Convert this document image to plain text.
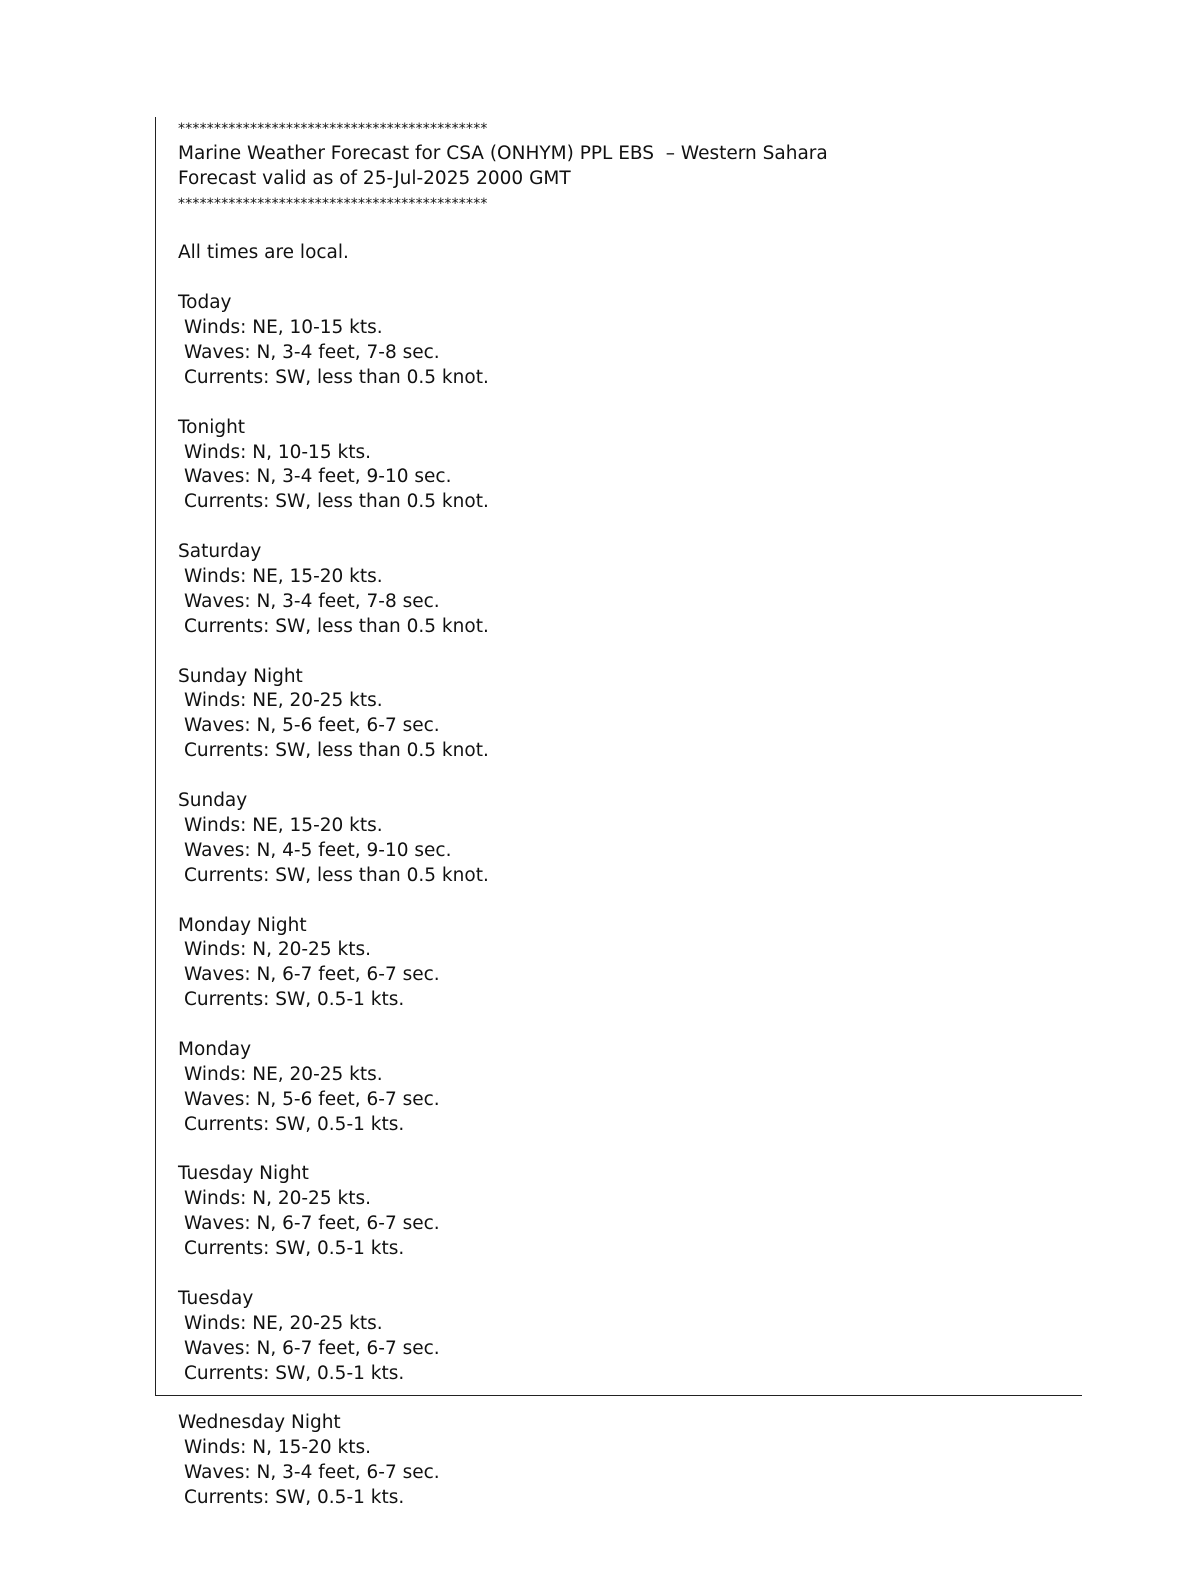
*******************************************
Marine Weather Forecast for CSA (ONHYM) PPL EBS  – Western Sahara
Forecast valid as of 25-Jul-2025 2000 GMT
*******************************************
All times are local.
Today
Winds: NE, 10-15 kts.
Waves: N, 3-4 feet, 7-8 sec.
Currents: SW, less than 0.5 knot.
Tonight
Winds: N, 10-15 kts.
Waves: N, 3-4 feet, 9-10 sec.
Currents: SW, less than 0.5 knot.
Saturday
Winds: NE, 15-20 kts.
Waves: N, 3-4 feet, 7-8 sec.
Currents: SW, less than 0.5 knot.
Sunday Night
Winds: NE, 20-25 kts.
Waves: N, 5-6 feet, 6-7 sec.
Currents: SW, less than 0.5 knot.
Sunday
Winds: NE, 15-20 kts.
Waves: N, 4-5 feet, 9-10 sec.
Currents: SW, less than 0.5 knot.
Monday Night
Winds: N, 20-25 kts.
Waves: N, 6-7 feet, 6-7 sec.
Currents: SW, 0.5-1 kts.
Monday
Winds: NE, 20-25 kts.
Waves: N, 5-6 feet, 6-7 sec.
Currents: SW, 0.5-1 kts.
Tuesday Night
Winds: N, 20-25 kts.
Waves: N, 6-7 feet, 6-7 sec.
Currents: SW, 0.5-1 kts.
Tuesday
Winds: NE, 20-25 kts.
Waves: N, 6-7 feet, 6-7 sec.
Currents: SW, 0.5-1 kts.
Wednesday Night
Winds: N, 15-20 kts.
Waves: N, 3-4 feet, 6-7 sec.
Currents: SW, 0.5-1 kts.
